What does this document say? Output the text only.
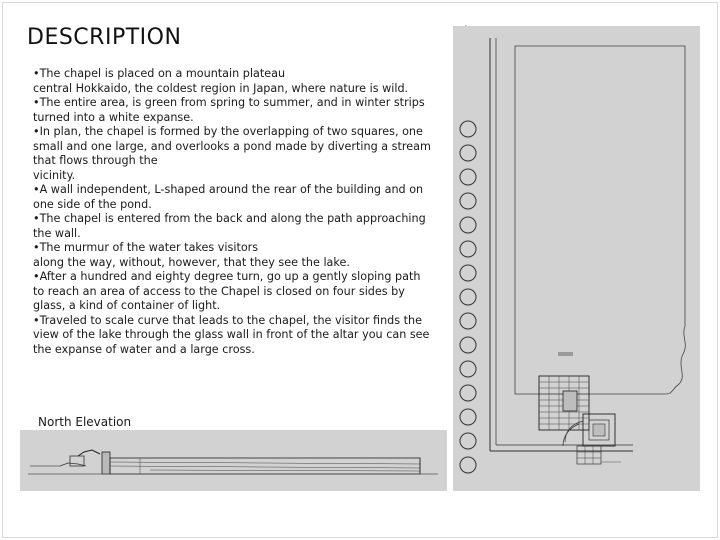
DESCRIPTION

•The chapel is placed on a mountain plateau
central Hokkaido, the coldest region in Japan, where nature is wild.

•The entire area, is green from spring to summer, and in winter strips turned into a white expanse.

•In plan, the chapel is formed by the overlapping of two squares, one small and one large, and overlooks a pond made by diverting a stream that flows through the
vicinity.

•A wall independent, L-shaped around the rear of the building and on one side of the pond.

•The chapel is entered from the back and along the path approaching the wall.

•The murmur of the water takes visitors
along the way, without, however, that they see the lake.

•After a hundred and eighty degree turn, go up a gently sloping path to reach an area of access to the Chapel is closed on four sides by glass, a kind of container of light.

•Traveled to scale curve that leads to the chapel, the visitor finds the view of the lake through the glass wall in front of the altar you can see the expanse of water and a large cross.

North Elevation
